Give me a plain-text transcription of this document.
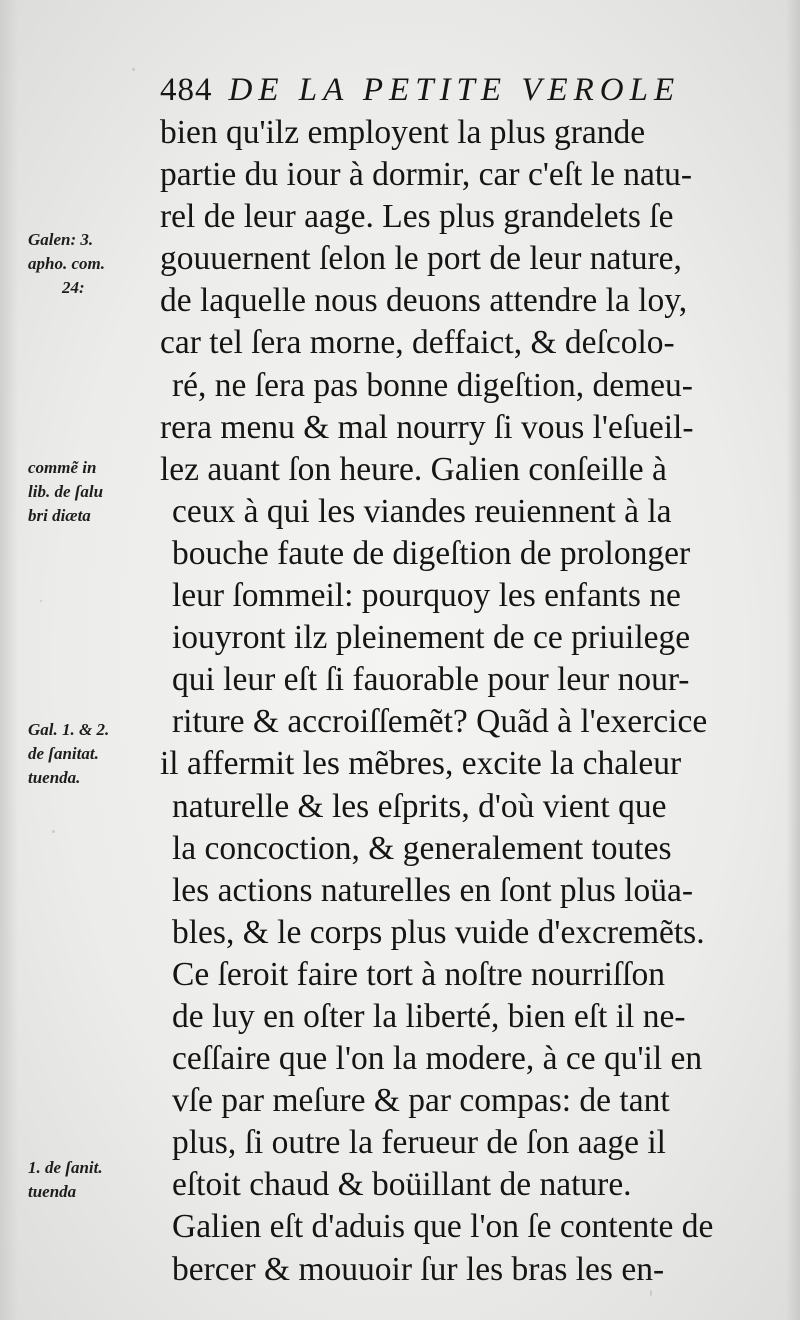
484 DE LA PETITE VEROLE
bien qu'ilz employent la plus grande
partie du iour à dormir, car c'eſt le natu-
rel de leur aage. Les plus grandelets ſe
gouuernent ſelon le port de leur nature,
de laquelle nous deuons attendre la loy,
car tel ſera morne, deffaict, & deſcolo-
ré, ne ſera pas bonne digeſtion, demeu-
rera menu & mal nourry ſi vous l'eſueil-
lez auant ſon heure. Galien conſeille à
ceux à qui les viandes reuiennent à la
bouche faute de digeſtion de prolonger
leur ſommeil: pourquoy les enfants ne
iouyront ilz pleinement de ce priuilege
qui leur eſt ſi fauorable pour leur nour-
riture & accroiſſemẽt? Quãd à l'exercice
il affermit les mẽbres, excite la chaleur
naturelle & les eſprits, d'où vient que
la concoction, & generalement toutes
les actions naturelles en ſont plus loüa-
bles, & le corps plus vuide d'excremẽts.
Ce ſeroit faire tort à noſtre nourriſſon
de luy en oſter la liberté, bien eſt il ne-
ceſſaire que l'on la modere, à ce qu'il en
vſe par meſure & par compas: de tant
plus, ſi outre la ferueur de ſon aage il
eſtoit chaud & boüillant de nature.
Galien eſt d'aduis que l'on ſe contente de
bercer & mouuoir ſur les bras les en-
Galen: 3.
apho. com.
24:
commẽ in
lib. de ſalu
bri diæta
Gal. 1. & 2.
de ſanitat.
tuenda.
1. de ſanit.
tuenda
